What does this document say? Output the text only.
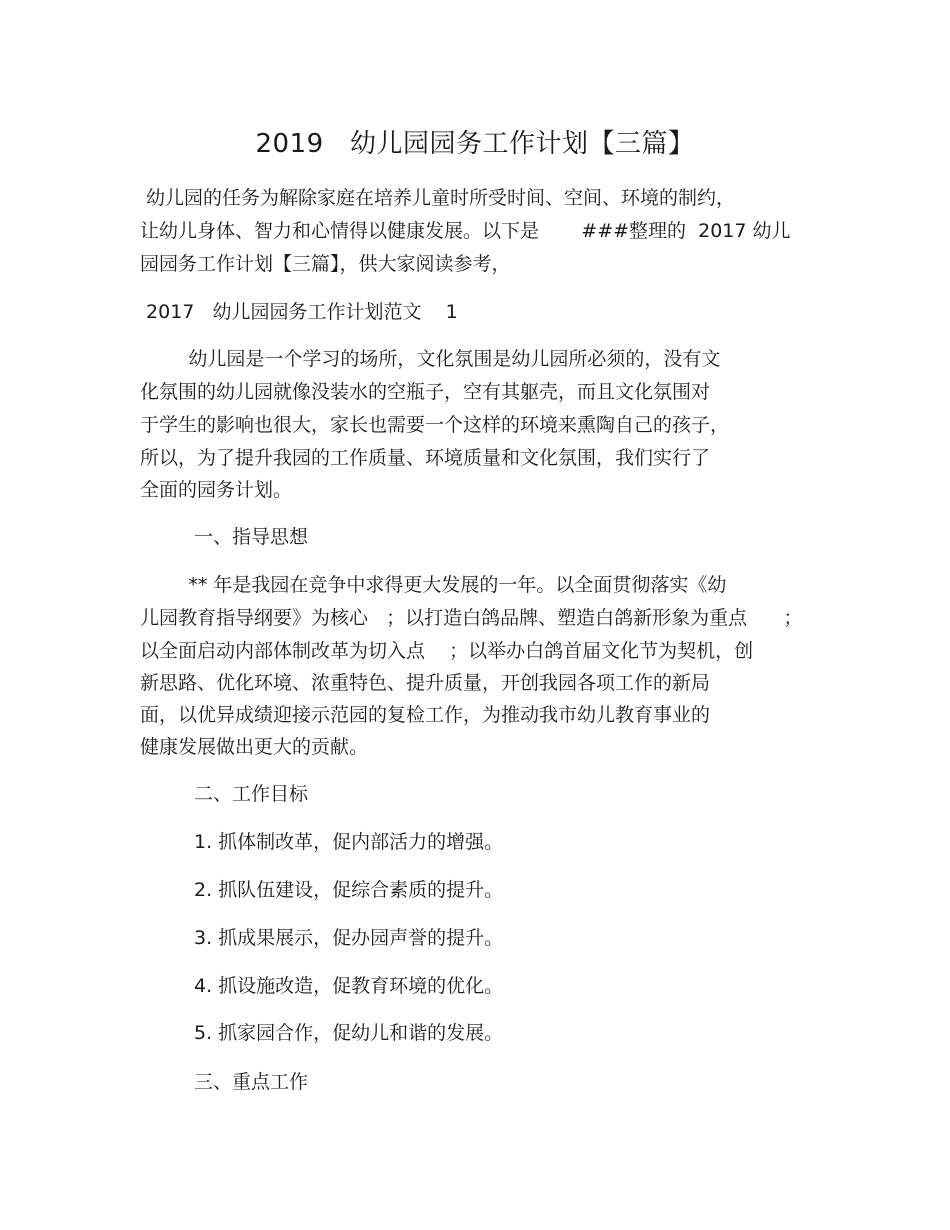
2019   幼儿园园务工作计划【三篇】
幼儿园的任务为解除家庭在培养儿童时所受时间、空间、环境的制约，
让幼儿身体、智力和心情得以健康发展。以下是       ###整理的  2017 幼儿
园园务工作计划【三篇】，供大家阅读参考，
2017   幼儿园园务工作计划范文    1
幼儿园是一个学习的场所，文化氛围是幼儿园所必须的，没有文
化氛围的幼儿园就像没装水的空瓶子，空有其躯壳，而且文化氛围对
于学生的影响也很大，家长也需要一个这样的环境来熏陶自己的孩子，
所以，为了提升我园的工作质量、环境质量和文化氛围，我们实行了
全面的园务计划。
一、指导思想
** 年是我园在竞争中求得更大发展的一年。以全面贯彻落实《幼
儿园教育指导纲要》为核心   ；以打造白鸽品牌、塑造白鸽新形象为重点      ；
以全面启动内部体制改革为切入点    ；以举办白鸽首届文化节为契机，创
新思路、优化环境、浓重特色、提升质量，开创我园各项工作的新局
面，以优异成绩迎接示范园的复检工作，为推动我市幼儿教育事业的
健康发展做出更大的贡献。
二、工作目标
1. 抓体制改革，促内部活力的增强。
2. 抓队伍建设，促综合素质的提升。
3. 抓成果展示，促办园声誉的提升。
4. 抓设施改造，促教育环境的优化。
5. 抓家园合作，促幼儿和谐的发展。
三、重点工作
